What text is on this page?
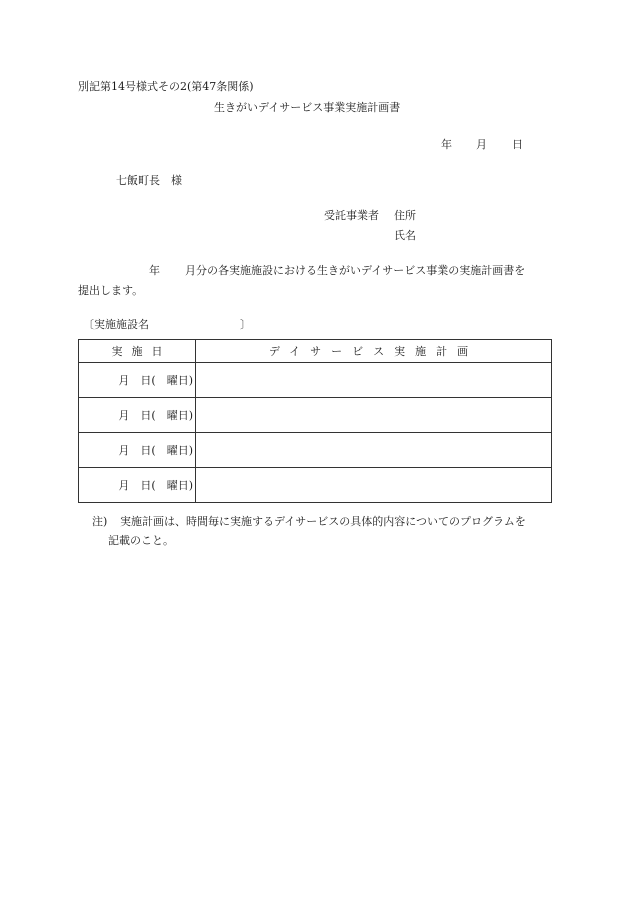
別記第14号様式その2(第47条関係)
生きがいデイサービス事業実施計画書
年 月 日
七飯町長　様
受託事業者 住所
氏名
年 月分の各実施施設における生きがいデイサービス事業の実施計画書を
提出します。
〔実施施設名	〕
実施日	デイサービス実施計画
月　日(　曜日)	
月　日(　曜日)	
月　日(　曜日)	
月　日(　曜日)	
注) 実施計画は、時間毎に実施するデイサービスの具体的内容についてのプログラムを
記載のこと。
